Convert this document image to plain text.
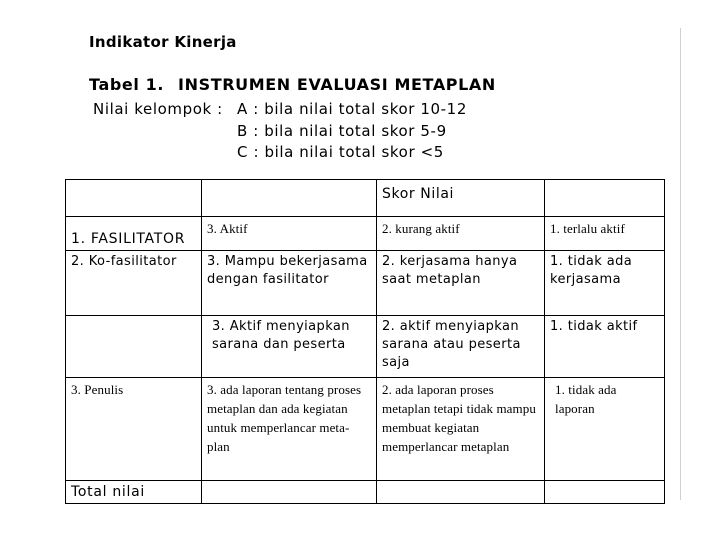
Indikator Kinerja
Tabel 1. INSTRUMEN EVALUASI METAPLAN
Nilai kelompok : A : bila nilai total skor 10-12
B : bila nilai total skor 5-9
C : bila nilai total skor <5
		Skor Nilai	
1. FASILITATOR	3. Aktif	2. kurang aktif	1. terlalu aktif
2. Ko-fasilitator	3. Mampu bekerjasama dengan fasilitator	2. kerjasama hanya saat metaplan	1. tidak ada kerjasama
	3. Aktif menyiapkan sarana dan peserta	2. aktif menyiapkan sarana atau peserta saja	1. tidak aktif
3. Penulis	3. ada laporan tentang proses metaplan dan ada kegiatan untuk memperlancar meta-plan	2. ada laporan proses metaplan tetapi tidak mampu membuat kegiatan memperlancar metaplan	1. tidak ada laporan
Total nilai			
